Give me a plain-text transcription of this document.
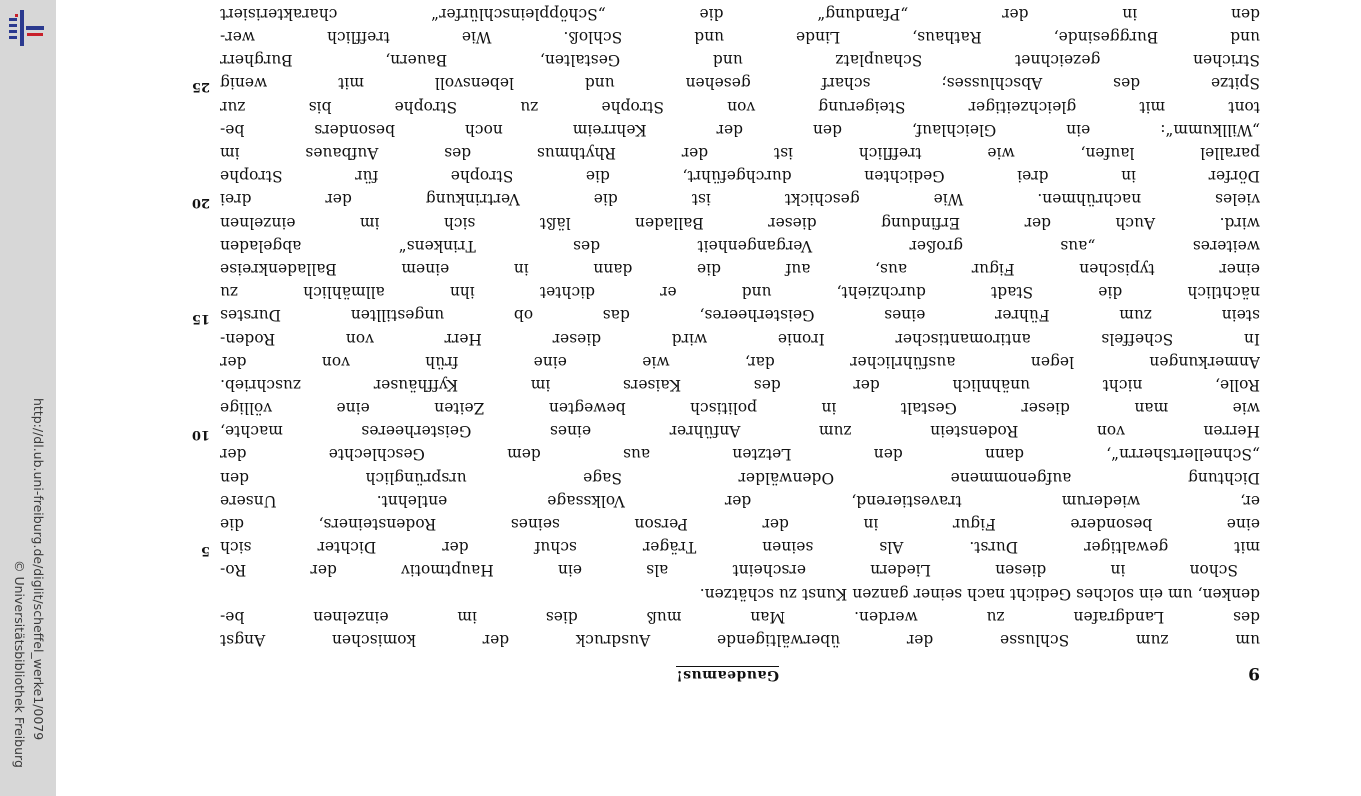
http://dl.ub.uni-freiburg.de/diglit/scheffel_werke1/0079
© Universitätsbibliothek Freiburg	9
Gaudeamus!
um zum Schlusse der überwältigende Ausdruck der komischen Angst
des Landgrafen zu werden. Man muß dies im einzelnen be-
denken, um ein solches Gedicht nach seiner ganzen Kunst zu schätzen.
Schon in diesen Liedern erscheint als ein Hauptmotiv der Ro-
mit gewaltiger Durst. Als seinen Träger schuf der Dichter sich
eine besondere Figur in der Person seines Rodensteiners, die
er, wiederum travestierend, der Volkssage entlehnt. Unsere
Dichtung aufgenommene Odenwälder Sage ursprünglich den
„Schnellertsherrn“, dann den Letzten aus dem Geschlechte der
Herren von Rodenstein zum Anführer eines Geisterheeres machte,
wie man dieser Gestalt in politisch bewegten Zeiten eine völlige
Rolle, nicht unähnlich der des Kaisers im Kyffhäuser zuschrieb.
Anmerkungen legen ausführlicher dar, wie eine früh von der
In Scheffels antiromantischer Ironie wird dieser Herr von Roden-
stein zum Führer eines Geisterheeres, das ob ungestillten Durstes
nächtlich die Stadt durchzieht, und er dichtet ihn allmählich zu
einer typischen Figur aus, auf die dann in einem Balladenkreise
weiteres „aus großer Vergangenheit des Trinkens“ abgeladen
wird. Auch der Erfindung dieser Balladen läßt sich im einzelnen
vieles nachrühmen. Wie geschickt ist die Vertrinkung der drei
Dörfer in drei Gedichten durchgeführt, die Strophe für Strophe
parallel laufen, wie trefflich ist der Rhythmus des Aufbaues im
„Willkumm“: ein Gleichlauf, den der Kehrreim noch besonders be-
tont mit gleichzeitiger Steigerung von Strophe zu Strophe bis zur
Spitze des Abschlusses; scharf gesehen und lebensvoll mit wenig
Strichen gezeichnet Schauplatz und Gestalten, Bauern, Burgherr
und Burggesinde, Rathaus, Linde und Schloß. Wie trefflich wer-
den in der „Pfandung“ die „Schöppleinschlürfer“ charakterisiert
5
10
15
20
25
